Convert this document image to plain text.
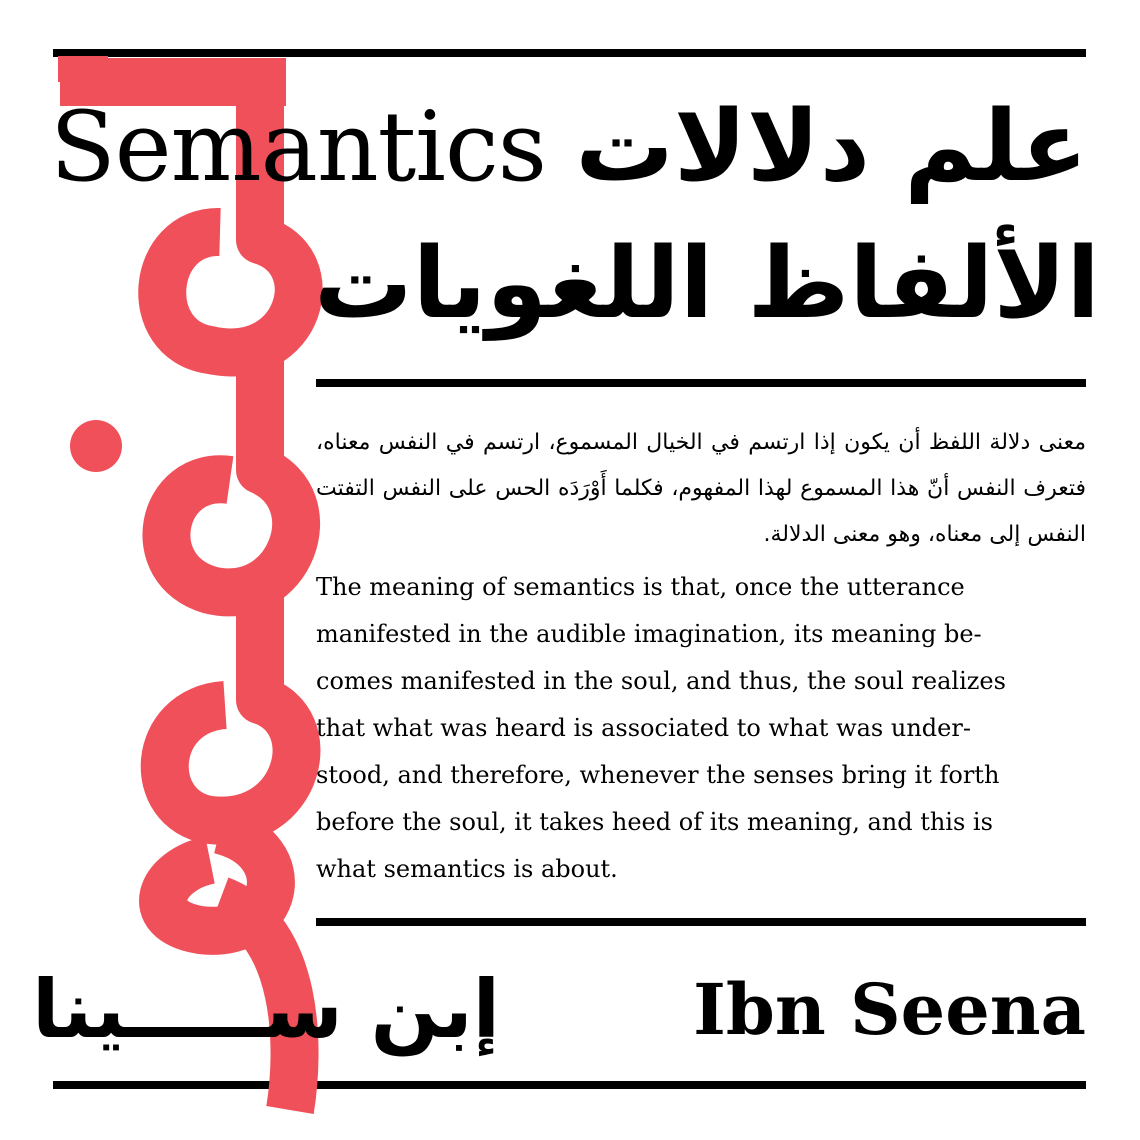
Semantics علم دلالات
الألفاظ اللغويات
معنى دلالة اللفظ أن يكون إذا ارتسم في الخيال المسموع، ارتسم في النفس معناه، فتعرف النفس أنّ هذا المسموع لهذا المفهوم، فكلما أَوْرَدَه الحس على النفس التفتت النفس إلى معناه، وهو معنى الدلالة.

The meaning of semantics is that, once the utterance
manifested in the audible imagination, its meaning be-
comes manifested in the soul, and thus, the soul realizes
that what was heard is associated to what was under-
stood, and therefore, whenever the senses bring it forth
before the soul, it takes heed of its meaning, and this is
what semantics is about.

إبن ســـــينا	Ibn Seena
